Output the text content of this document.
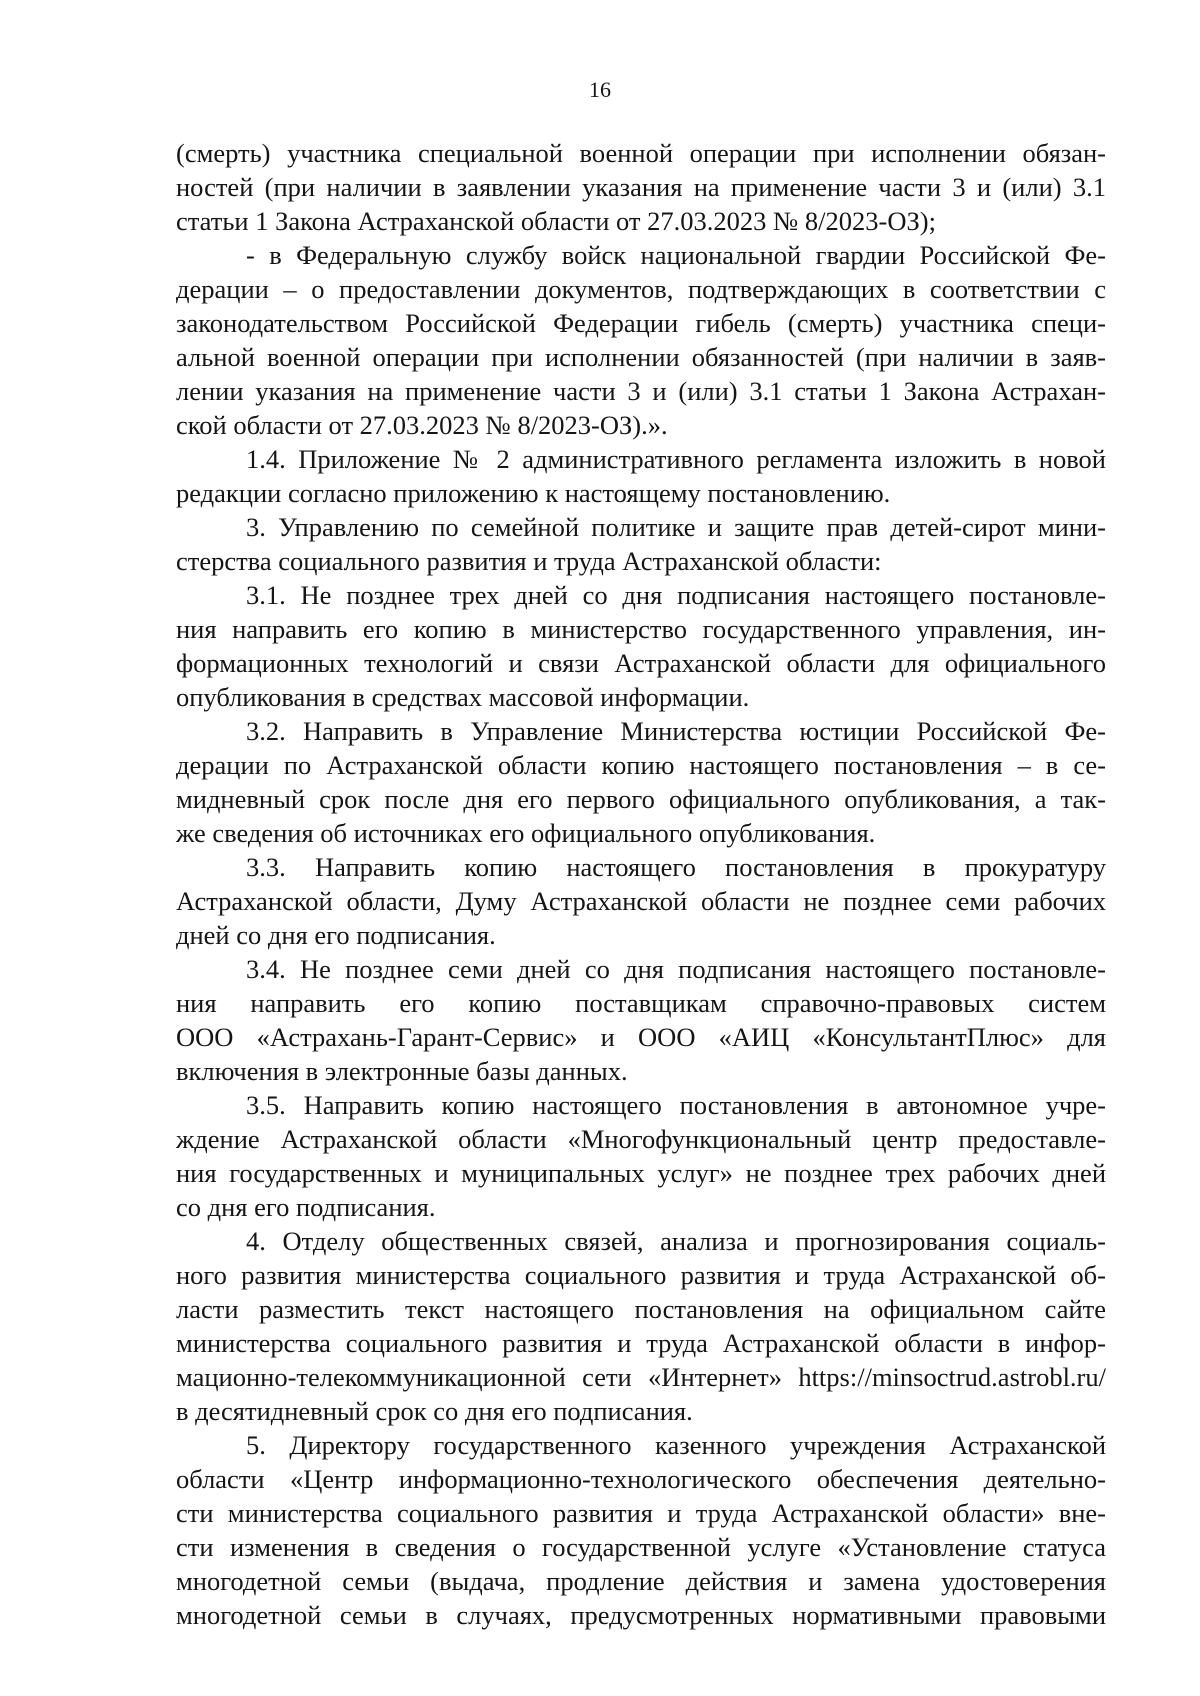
16
(смерть) участника специальной военной операции при исполнении обязан-
ностей (при наличии в заявлении указания на применение части 3 и (или) 3.1
статьи 1 Закона Астраханской области от 27.03.2023 № 8/2023-ОЗ);
- в Федеральную службу войск национальной гвардии Российской Фе-
дерации – о предоставлении документов, подтверждающих в соответствии с
законодательством Российской Федерации гибель (смерть) участника специ-
альной военной операции при исполнении обязанностей (при наличии в заяв-
лении указания на применение части 3 и (или) 3.1 статьи 1 Закона Астрахан-
ской области от 27.03.2023 № 8/2023-ОЗ).».
1.4. Приложение № 2 административного регламента изложить в новой
редакции согласно приложению к настоящему постановлению.
3. Управлению по семейной политике и защите прав детей-сирот мини-
стерства социального развития и труда Астраханской области:
3.1. Не позднее трех дней со дня подписания настоящего постановле-
ния направить его копию в министерство государственного управления, ин-
формационных технологий и связи Астраханской области для официального
опубликования в средствах массовой информации.
3.2. Направить в Управление Министерства юстиции Российской Фе-
дерации по Астраханской области копию настоящего постановления – в се-
мидневный срок после дня его первого официального опубликования, а так-
же сведения об источниках его официального опубликования.
3.3. Направить копию настоящего постановления в прокуратуру
Астраханской области, Думу Астраханской области не позднее семи рабочих
дней со дня его подписания.
3.4. Не позднее семи дней со дня подписания настоящего постановле-
ния направить его копию поставщикам справочно-правовых систем
ООО «Астрахань-Гарант-Сервис» и ООО «АИЦ «КонсультантПлюс» для
включения в электронные базы данных.
3.5. Направить копию настоящего постановления в автономное учре-
ждение Астраханской области «Многофункциональный центр предоставле-
ния государственных и муниципальных услуг» не позднее трех рабочих дней
со дня его подписания.
4. Отделу общественных связей, анализа и прогнозирования социаль-
ного развития министерства социального развития и труда Астраханской об-
ласти разместить текст настоящего постановления на официальном сайте
министерства социального развития и труда Астраханской области в инфор-
мационно-телекоммуникационной сети «Интернет» https://minsoctrud.astrobl.ru/
в десятидневный срок со дня его подписания.
5. Директору государственного казенного учреждения Астраханской
области «Центр информационно-технологического обеспечения деятельно-
сти министерства социального развития и труда Астраханской области» вне-
сти изменения в сведения о государственной услуге «Установление статуса
многодетной семьи (выдача, продление действия и замена удостоверения
многодетной семьи в случаях, предусмотренных нормативными правовыми
